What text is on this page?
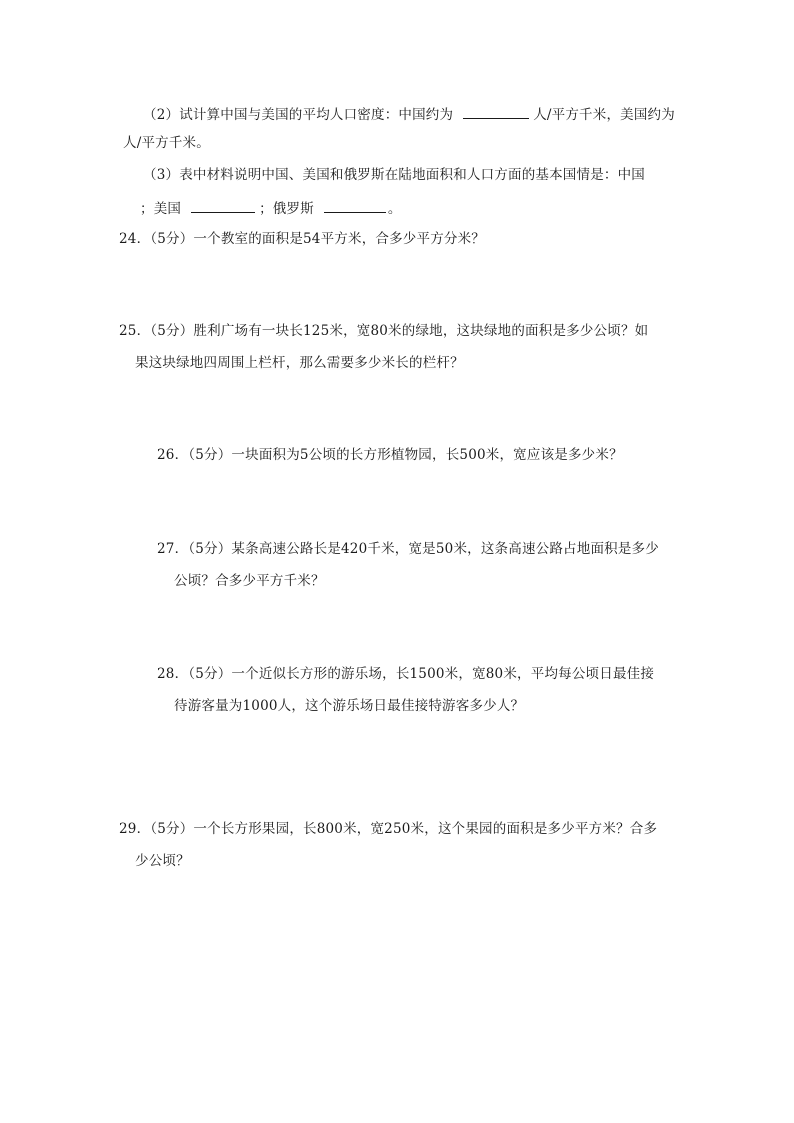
（2）试计算中国与美国的平均人口密度：中国约为	人/平方千米，美国约为
人/平方千米。
（3）表中材料说明中国、美国和俄罗斯在陆地面积和人口方面的基本国情是：中国
；美国	；俄罗斯	。
24．（5分）一个教室的面积是54平方米，合多少平方分米？
25．（5分）胜利广场有一块长125米，宽80米的绿地，这块绿地的面积是多少公顷？如
果这块绿地四周围上栏杆，那么需要多少米长的栏杆？
26．（5分）一块面积为5公顷的长方形植物园，长500米，宽应该是多少米？
27．（5分）某条高速公路长是420千米，宽是50米，这条高速公路占地面积是多少
公顷？合多少平方千米？
28．（5分）一个近似长方形的游乐场，长1500米，宽80米，平均每公顷日最佳接
待游客量为1000人，这个游乐场日最佳接特游客多少人？
29．（5分）一个长方形果园，长800米，宽250米，这个果园的面积是多少平方米？合多
少公顷？
